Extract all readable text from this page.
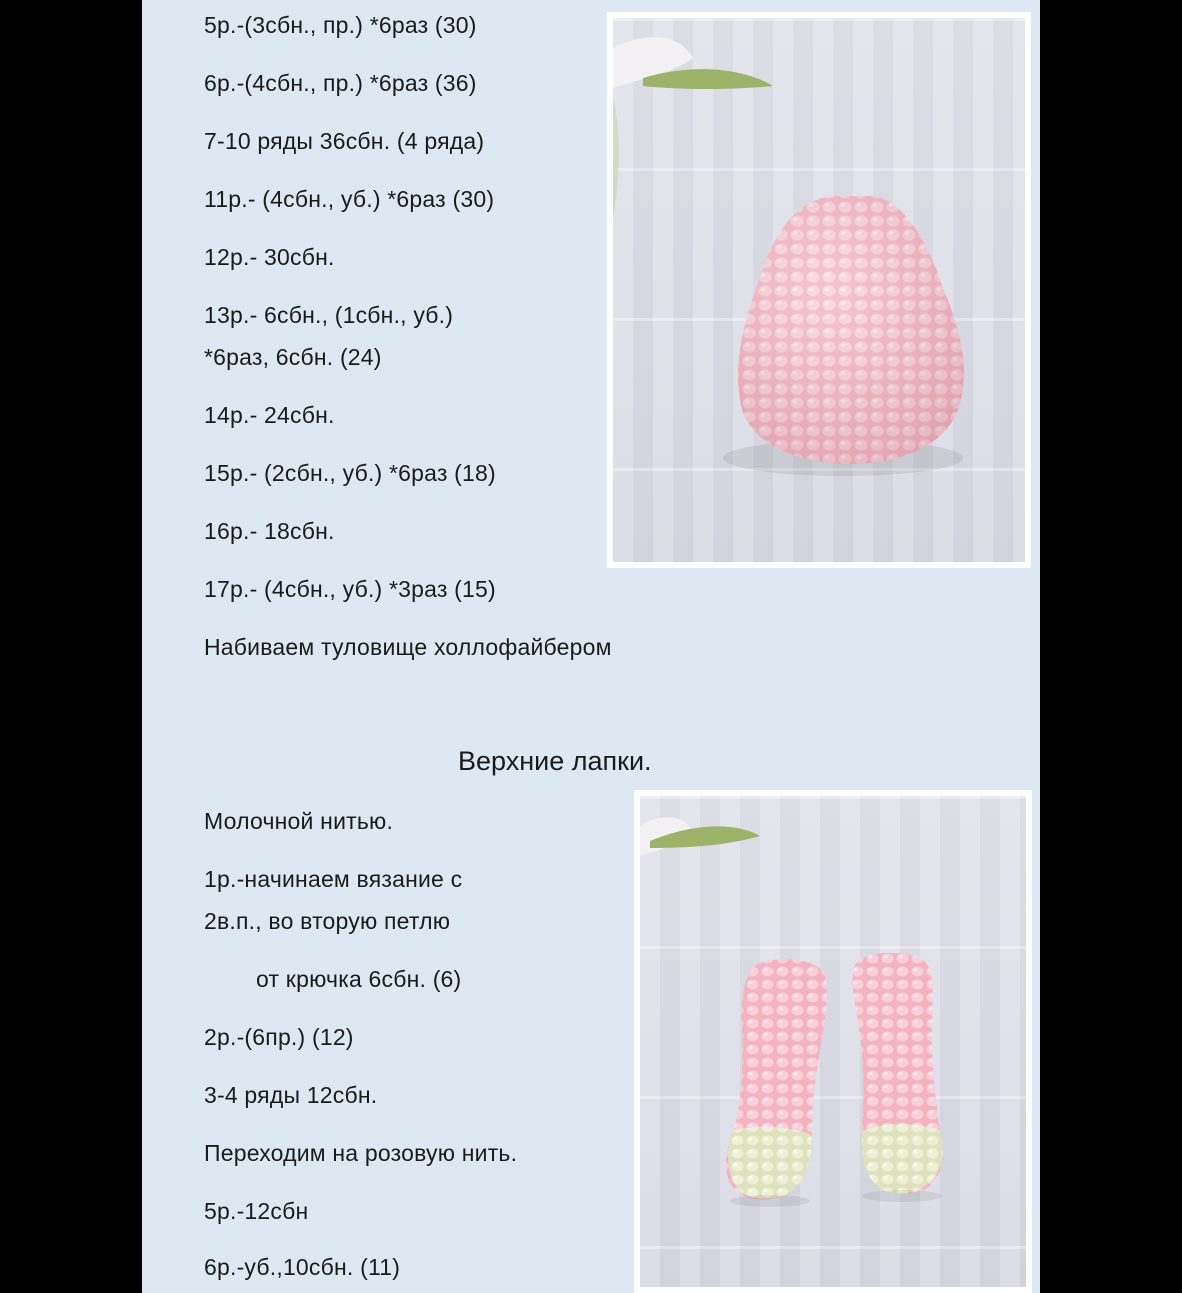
5р.-(3сбн., пр.) *6раз (30)
6р.-(4сбн., пр.) *6раз (36)
7-10 ряды 36сбн. (4 ряда)
11р.- (4сбн., уб.) *6раз (30)
12р.- 30сбн.
13р.- 6сбн., (1сбн., уб.)
*6раз, 6сбн. (24)
14р.- 24сбн.
15р.- (2сбн., уб.) *6раз (18)
16р.- 18сбн.
17р.- (4сбн., уб.) *3раз (15)
Набиваем туловище холлофайбером
Верхние лапки.
Молочной нитью.
1р.-начинаем вязание с
2в.п., во вторую петлю
от крючка 6сбн. (6)
2р.-(6пр.) (12)
3-4 ряды 12сбн.
Переходим на розовую нить.
5р.-12сбн
6р.-уб.,10сбн. (11)
